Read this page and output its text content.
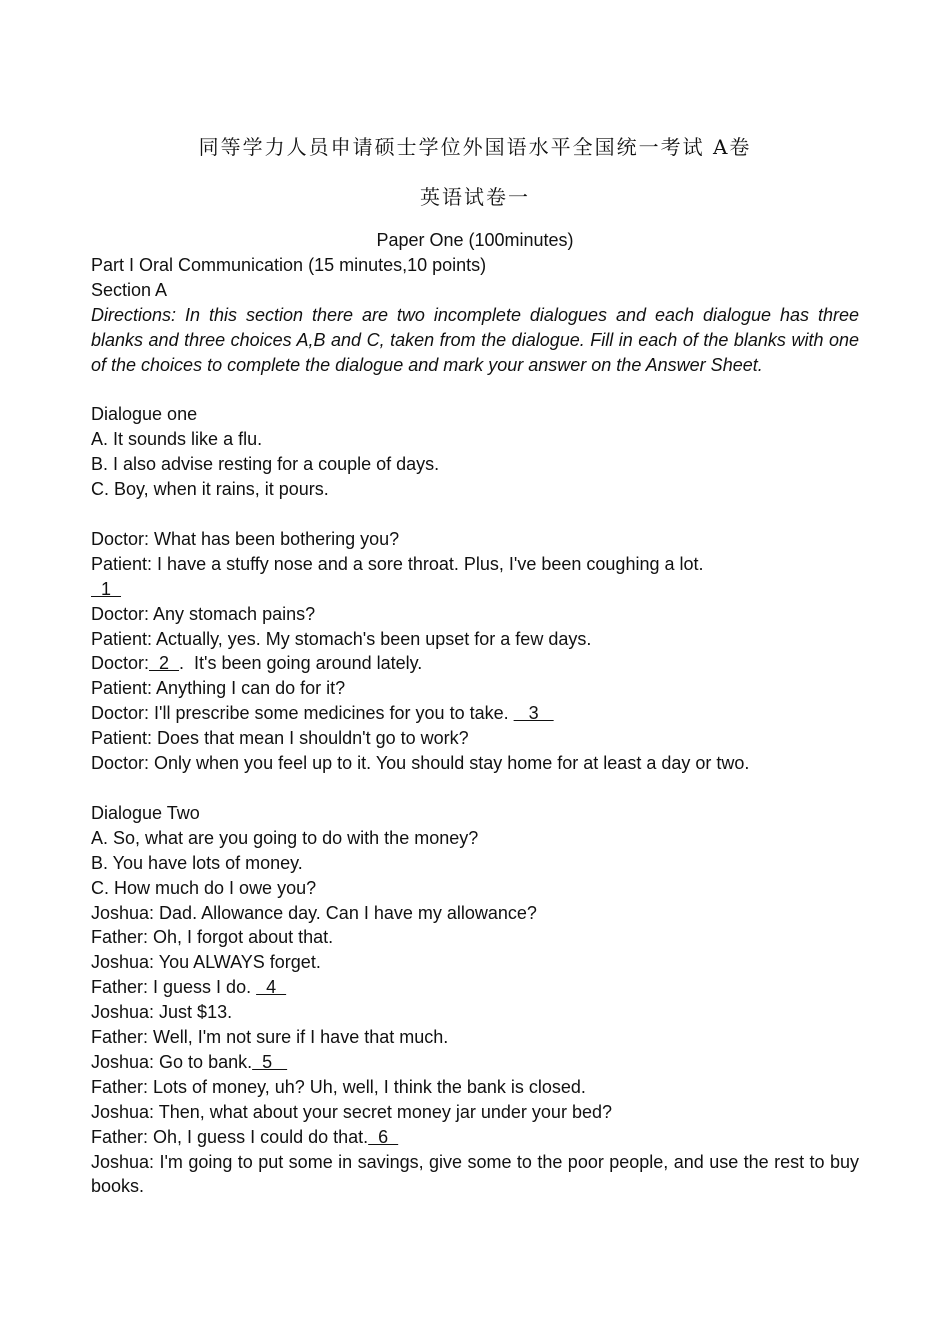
同等学力人员申请硕士学位外国语水平全国统一考试 A卷
英语试卷一
Paper One (100minutes)
Part I Oral Communication (15 minutes,10 points)
Section A
Directions: In this section there are two incomplete dialogues and each dialogue has three blanks and three choices A,B and C, taken from the dialogue. Fill in each of the blanks with one of the choices to complete the dialogue and mark your answer on the Answer Sheet.
Dialogue one
A. It sounds like a flu.
B. I also advise resting for a couple of days.
C. Boy, when it rains, it pours.
Doctor: What has been bothering you?
Patient: I have a stuffy nose and a sore throat. Plus, I've been coughing a lot.
1
Doctor: Any stomach pains?
Patient: Actually, yes. My stomach's been upset for a few days.
Doctor:  2  .  It's been going around lately.
Patient: Anything I can do for it?
Doctor: I'll prescribe some medicines for you to take.    3
Patient: Does that mean I shouldn't go to work?
Doctor: Only when you feel up to it. You should stay home for at least a day or two.
Dialogue Two
A. So, what are you going to do with the money?
B. You have lots of money.
C. How much do I owe you?
Joshua: Dad. Allowance day. Can I have my allowance?
Father: Oh, I forgot about that.
Joshua: You ALWAYS forget.
Father: I guess I do.   4
Joshua: Just $13.
Father: Well, I'm not sure if I have that much.
Joshua: Go to bank.  5
Father: Lots of money, uh? Uh, well, I think the bank is closed.
Joshua: Then, what about your secret money jar under your bed?
Father: Oh, I guess I could do that.  6
Joshua: I'm going to put some in savings, give some to the poor people, and use the rest to buy books.
